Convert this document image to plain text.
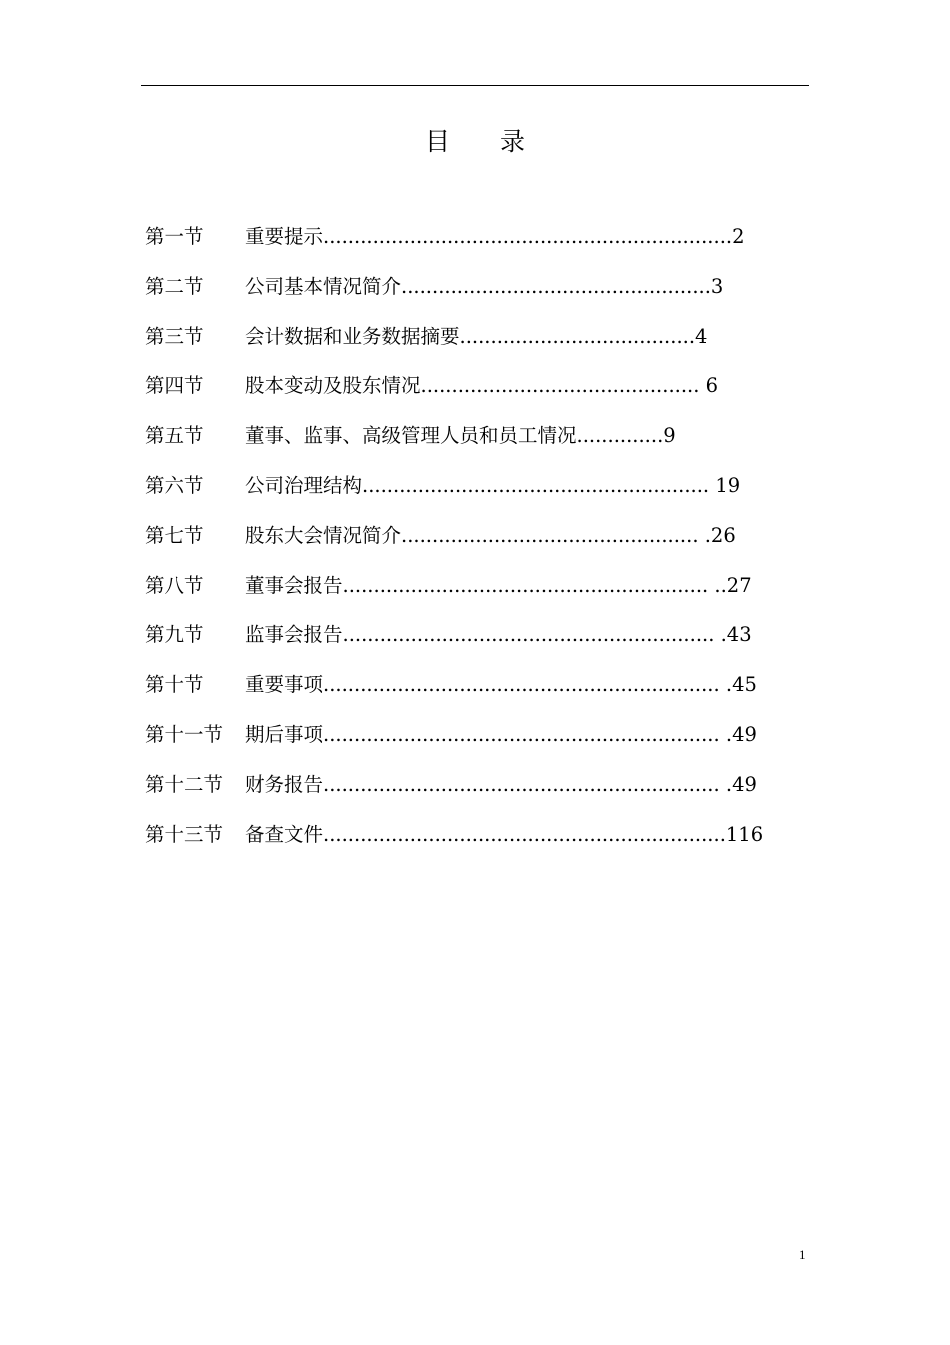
目 录
第一节 重要提示..................................................................2
第二节 公司基本情况简介..................................................3
第三节 会计数据和业务数据摘要......................................4
第四节 股本变动及股东情况............................................. 6
第五节 董事、监事、高级管理人员和员工情况..............9
第六节 公司治理结构........................................................ 19
第七节 股东大会情况简介................................................ .26
第八节 董事会报告........................................................... ..27
第九节 监事会报告............................................................ .43
第十节 重要事项................................................................ .45
第十一节 期后事项................................................................ .49
第十二节 财务报告................................................................ .49
第十三节 备查文件.................................................................116
1
